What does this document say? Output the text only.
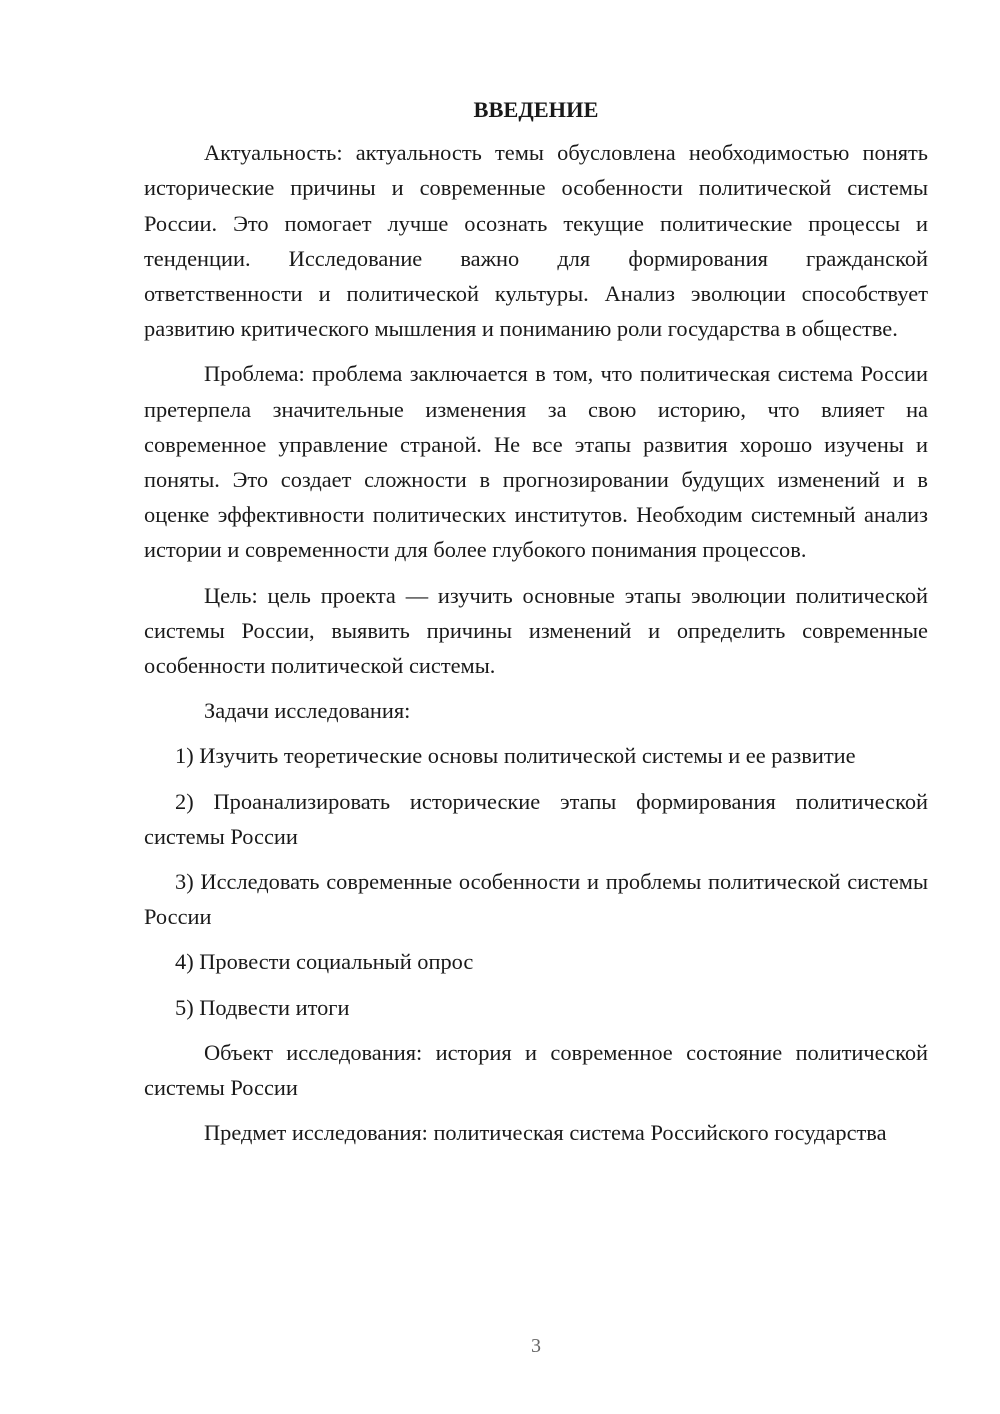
ВВЕДЕНИЕ

Актуальность: актуальность темы обусловлена необходимостью понять исторические причины и современные особенности политической системы России. Это помогает лучше осознать текущие политические процессы и тенденции. Исследование важно для формирования гражданской ответственности и политической культуры. Анализ эволюции способствует развитию критического мышления и пониманию роли государства в обществе.

Проблема: проблема заключается в том, что политическая система России претерпела значительные изменения за свою историю, что влияет на современное управление страной. Не все этапы развития хорошо изучены и поняты. Это создает сложности в прогнозировании будущих изменений и в оценке эффективности политических институтов. Необходим системный анализ истории и современности для более глубокого понимания процессов.

Цель: цель проекта — изучить основные этапы эволюции политической системы России, выявить причины изменений и определить современные особенности политической системы.

Задачи исследования:

1) Изучить теоретические основы политической системы и ее развитие

2) Проанализировать исторические этапы формирования политической системы России

3) Исследовать современные особенности и проблемы политической системы России

4) Провести социальный опрос

5) Подвести итоги

Объект исследования: история и современное состояние политической системы России

Предмет исследования: политическая система Российского государства

3
